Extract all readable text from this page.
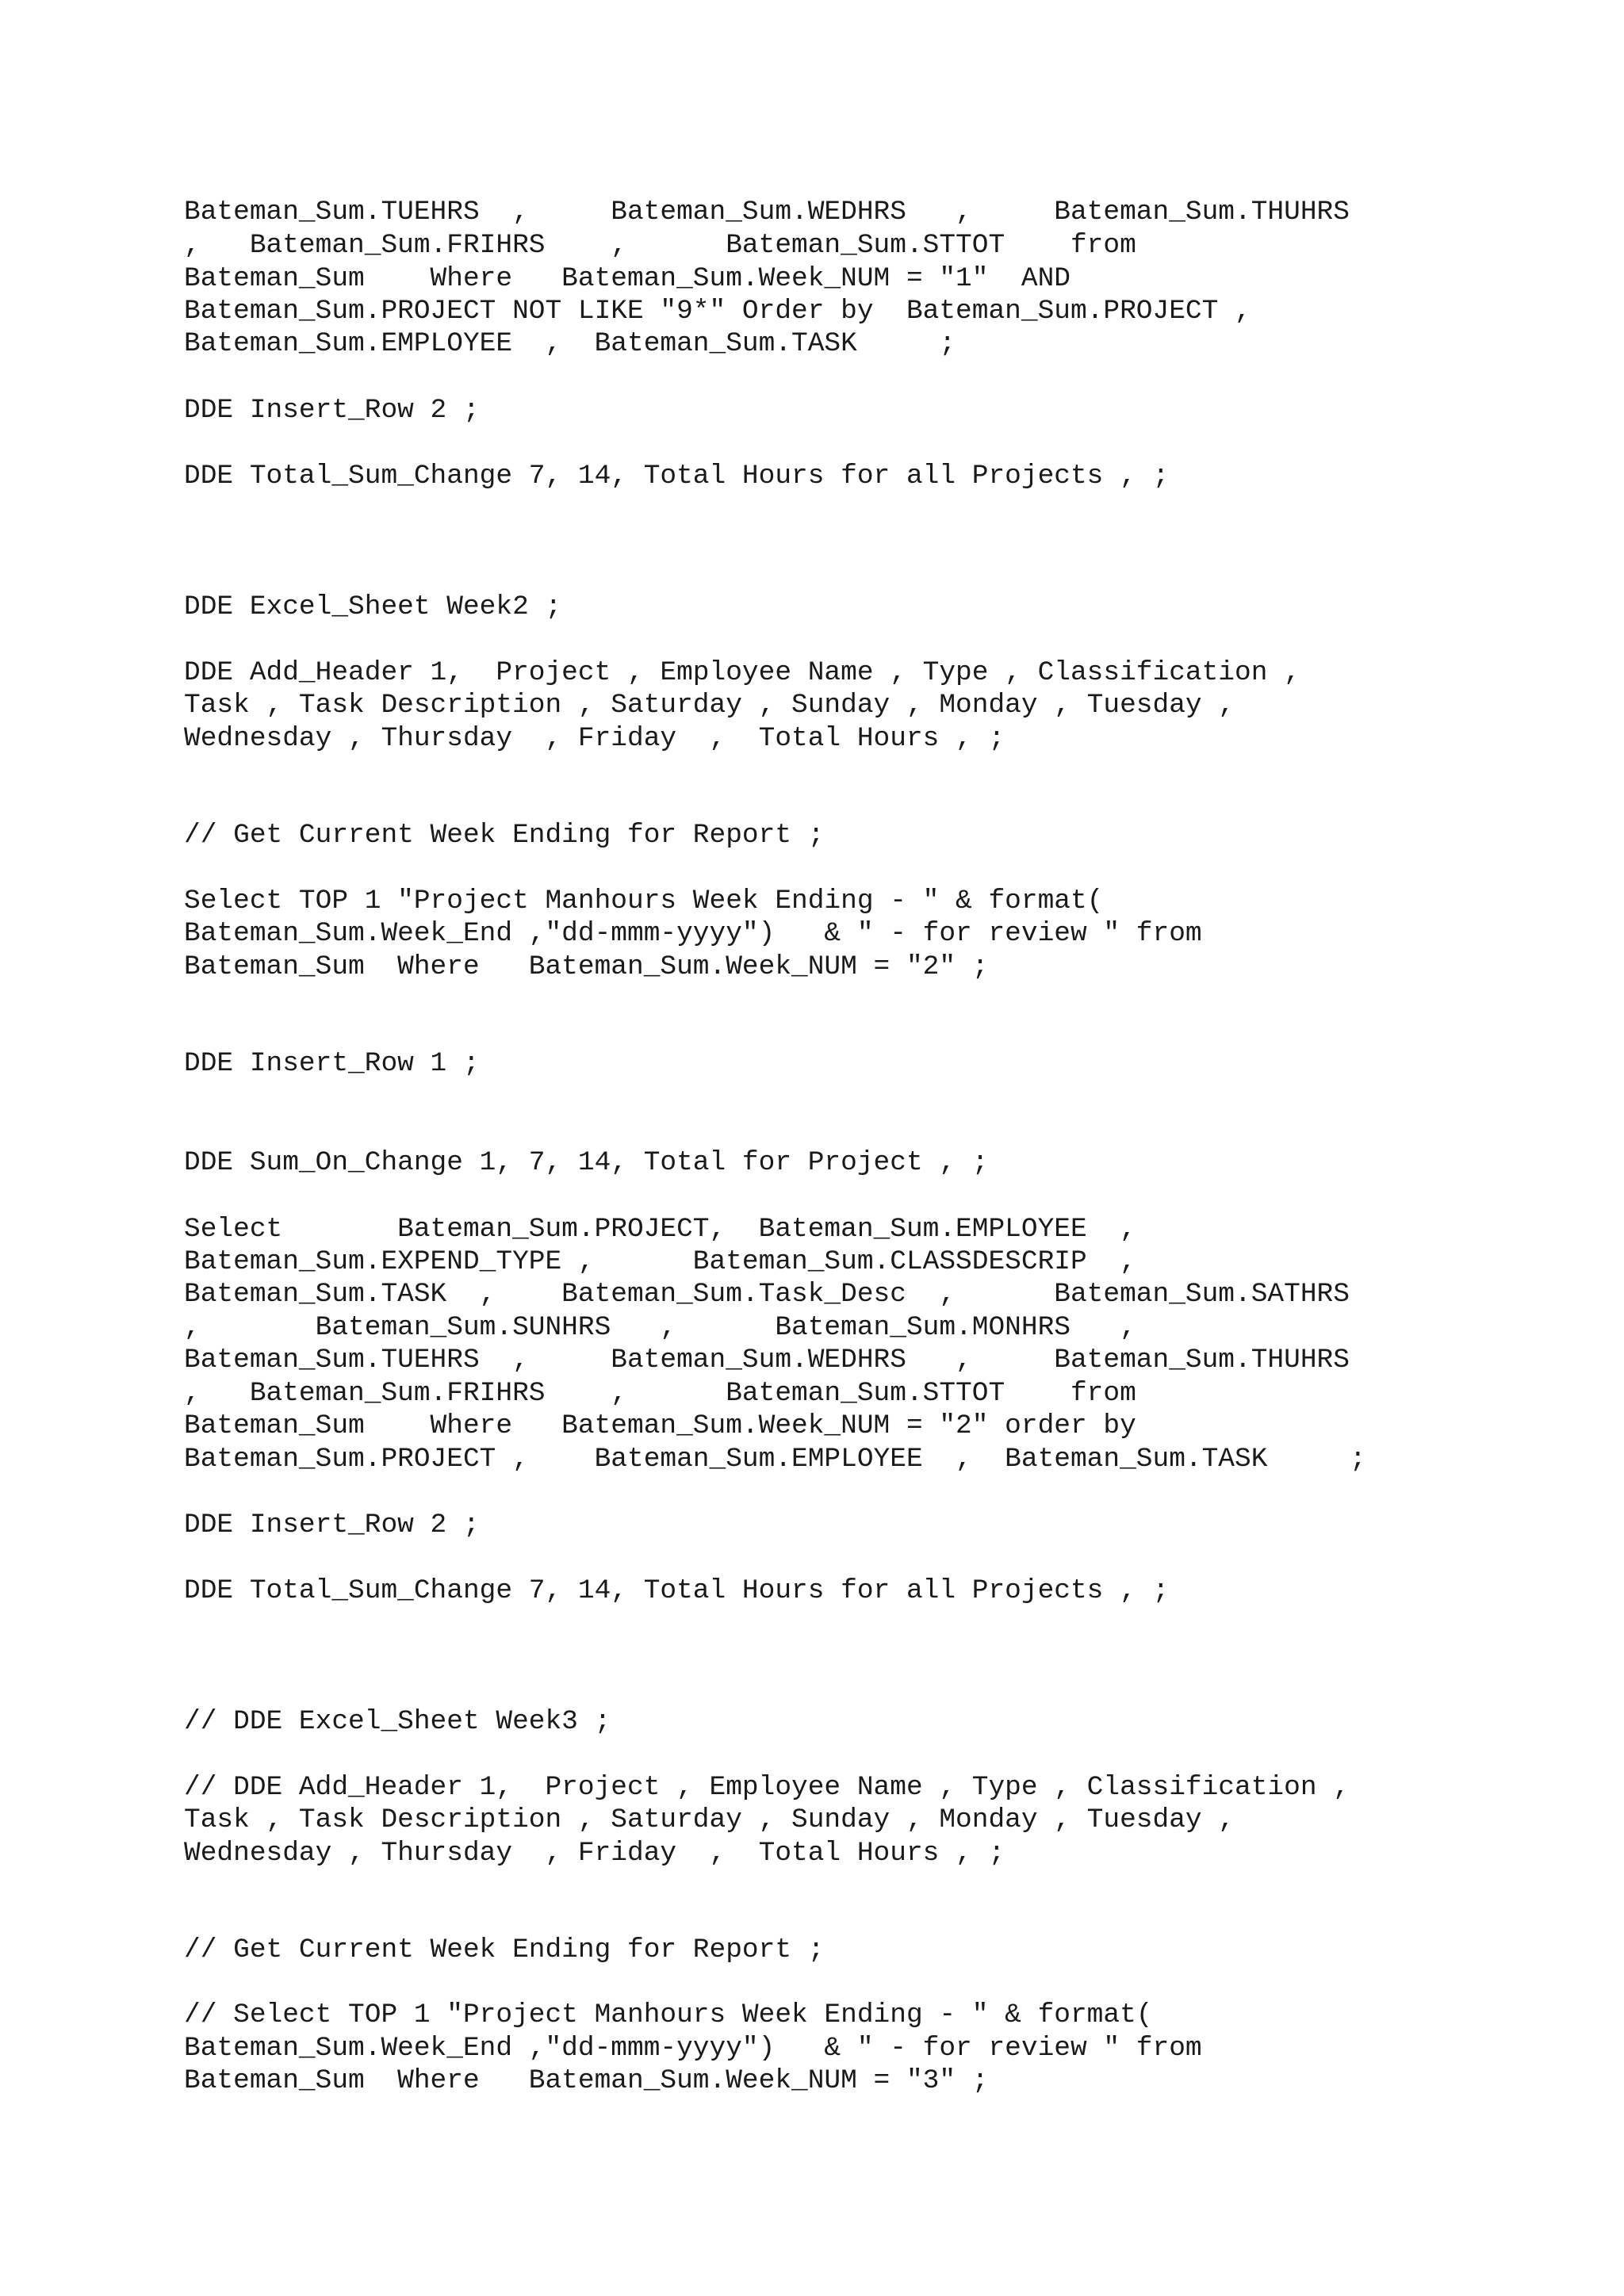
Bateman_Sum.TUEHRS  ,     Bateman_Sum.WEDHRS   ,     Bateman_Sum.THUHRS

,   Bateman_Sum.FRIHRS    ,      Bateman_Sum.STTOT    from

Bateman_Sum    Where   Bateman_Sum.Week_NUM = "1"  AND

Bateman_Sum.PROJECT NOT LIKE "9*" Order by  Bateman_Sum.PROJECT ,

Bateman_Sum.EMPLOYEE  ,  Bateman_Sum.TASK     ;

DDE Insert_Row 2 ;

DDE Total_Sum_Change 7, 14, Total Hours for all Projects , ;

DDE Excel_Sheet Week2 ;

DDE Add_Header 1,  Project , Employee Name , Type , Classification ,

Task , Task Description , Saturday , Sunday , Monday , Tuesday ,

Wednesday , Thursday  , Friday  ,  Total Hours , ;

// Get Current Week Ending for Report ;

Select TOP 1 "Project Manhours Week Ending - " & format(

Bateman_Sum.Week_End ,"dd-mmm-yyyy")   & " - for review " from

Bateman_Sum  Where   Bateman_Sum.Week_NUM = "2" ;

DDE Insert_Row 1 ;

DDE Sum_On_Change 1, 7, 14, Total for Project , ;

Select       Bateman_Sum.PROJECT,  Bateman_Sum.EMPLOYEE  ,

Bateman_Sum.EXPEND_TYPE ,      Bateman_Sum.CLASSDESCRIP  ,

Bateman_Sum.TASK  ,    Bateman_Sum.Task_Desc  ,      Bateman_Sum.SATHRS

,       Bateman_Sum.SUNHRS   ,      Bateman_Sum.MONHRS   ,

Bateman_Sum.TUEHRS  ,     Bateman_Sum.WEDHRS   ,     Bateman_Sum.THUHRS

,   Bateman_Sum.FRIHRS    ,      Bateman_Sum.STTOT    from

Bateman_Sum    Where   Bateman_Sum.Week_NUM = "2" order by

Bateman_Sum.PROJECT ,    Bateman_Sum.EMPLOYEE  ,  Bateman_Sum.TASK     ;

DDE Insert_Row 2 ;

DDE Total_Sum_Change 7, 14, Total Hours for all Projects , ;

// DDE Excel_Sheet Week3 ;

// DDE Add_Header 1,  Project , Employee Name , Type , Classification ,

Task , Task Description , Saturday , Sunday , Monday , Tuesday ,

Wednesday , Thursday  , Friday  ,  Total Hours , ;

// Get Current Week Ending for Report ;

// Select TOP 1 "Project Manhours Week Ending - " & format(

Bateman_Sum.Week_End ,"dd-mmm-yyyy")   & " - for review " from

Bateman_Sum  Where   Bateman_Sum.Week_NUM = "3" ;
